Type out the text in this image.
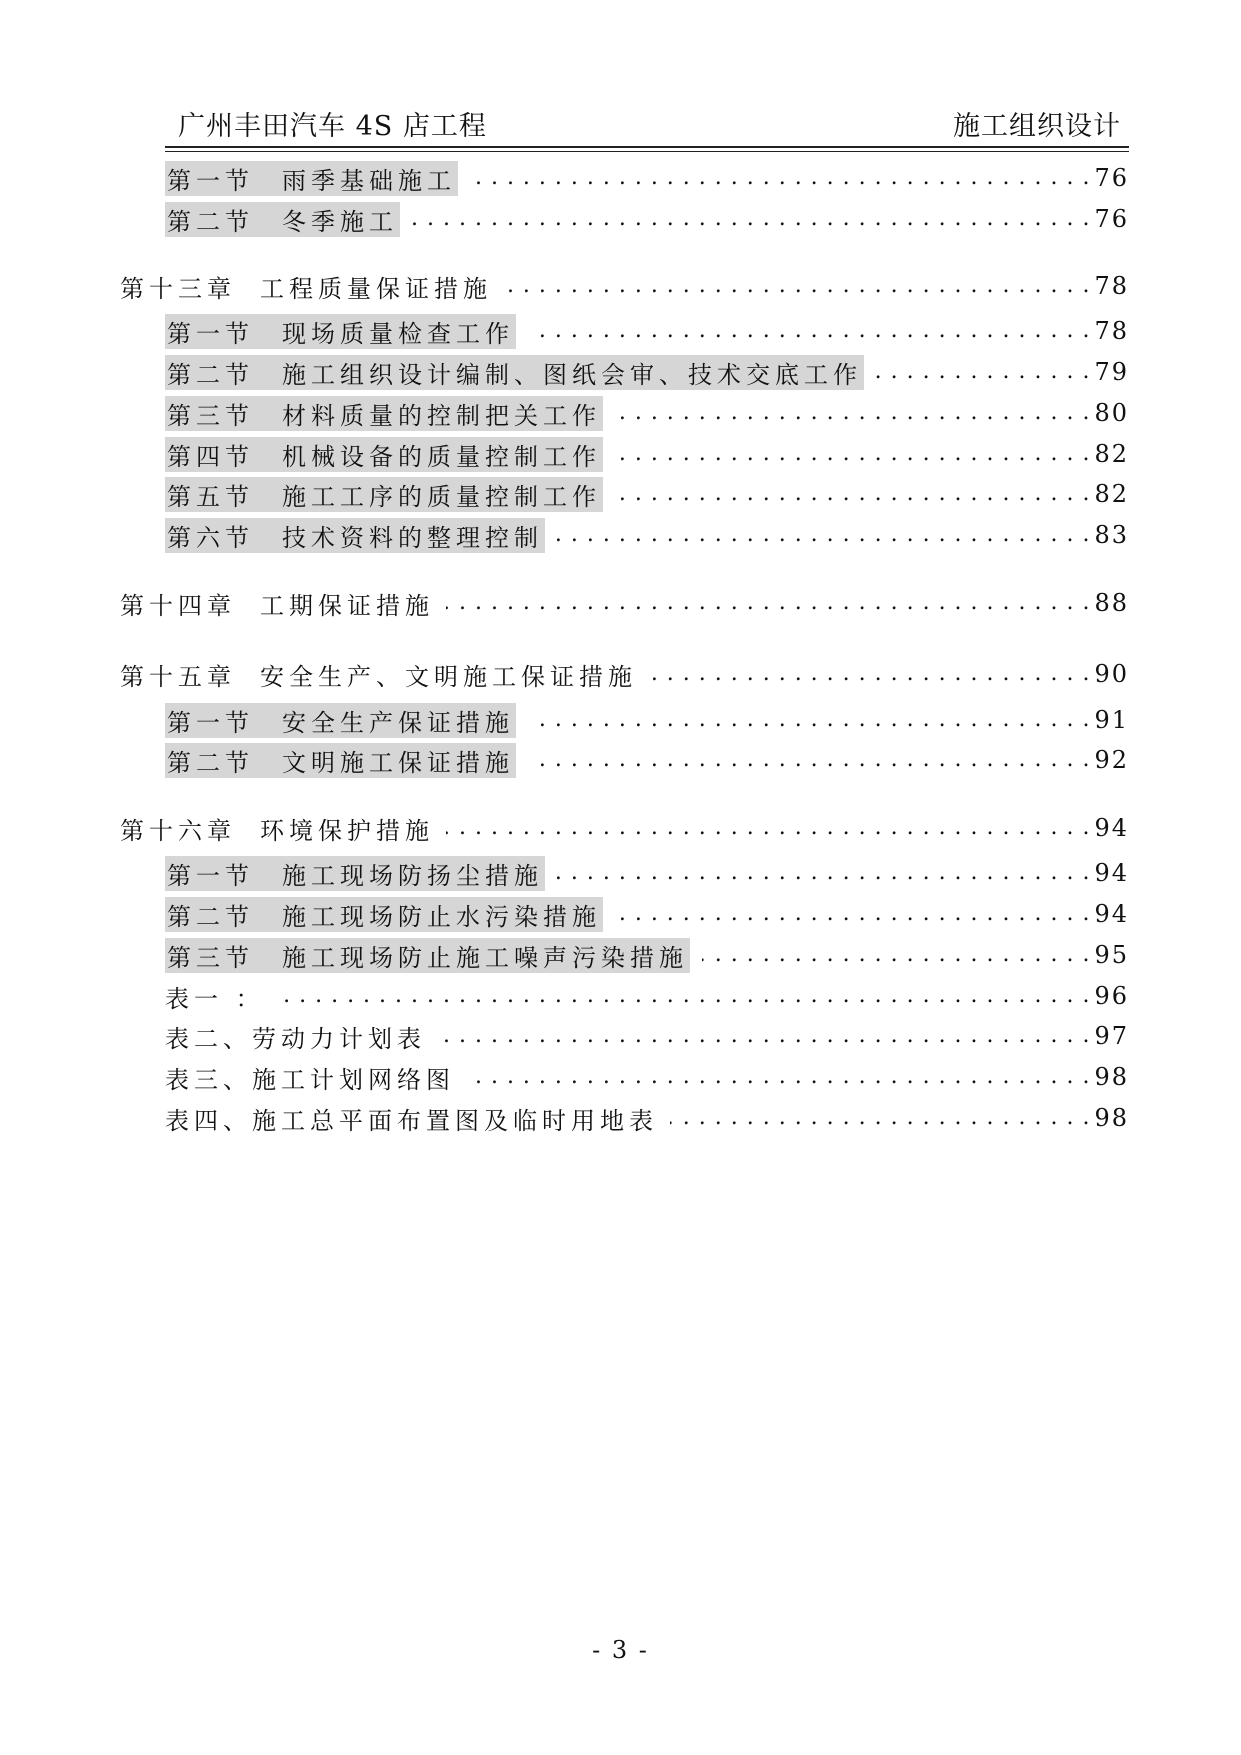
广州丰田汽车 4S 店工程	施工组织设计
第一节 雨季基础施工 . . .	76
第二节 冬季施工 . . .	76
第十三章 工程质量保证措施 . . .	78
第一节 现场质量检查工作 . . .	78
第二节 施工组织设计编制、图纸会审、技术交底工作 . . .	79
第三节 材料质量的控制把关工作 . . .	80
第四节 机械设备的质量控制工作 . . .	82
第五节 施工工序的质量控制工作 . . .	82
第六节 技术资料的整理控制 . . .	83
第十四章 工期保证措施 . . .	88
第十五章 安全生产、文明施工保证措施 . . .	90
第一节 安全生产保证措施 . . .	91
第二节 文明施工保证措施 . . .	92
第十六章 环境保护措施 . . .	94
第一节 施工现场防扬尘措施 . . .	94
第二节 施工现场防止水污染措施 . . .	94
第三节 施工现场防止施工噪声污染措施 . . .	95
表一 ： . . .	96
表二、劳动力计划表 . . .	97
表三、施工计划网络图 . . .	98
表四、施工总平面布置图及临时用地表 . . .	98
- 3 -
